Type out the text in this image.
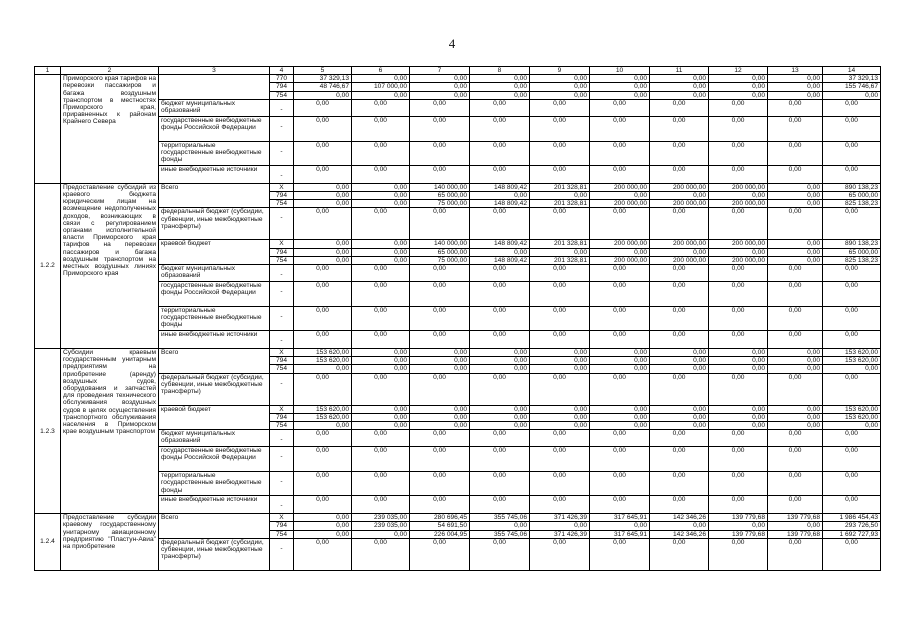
4
1	2	3	4	5	6	7	8	9	10	11	12	13	14
	Приморского края тарифов на перевозки пассажиров и багажа воздушным транспортом в местностях Приморского края, приравненных к районам Крайнего Севера		770	37 329,13	0,00	0,00	0,00	0,00	0,00	0,00	0,00	0,00	37 329,13
			794	48 746,67	107 000,00	0,00	0,00	0,00	0,00	0,00	0,00	0,00	155 746,67
			754	0,00	0,00	0,00	0,00	0,00	0,00	0,00	0,00	0,00	0,00
		бюджет муниципальных образований	-	0,00	0,00	0,00	0,00	0,00	0,00	0,00	0,00	0,00	0,00
		государственные внебюджетные фонды Российской Федерации	-	0,00	0,00	0,00	0,00	0,00	0,00	0,00	0,00	0,00	0,00
		территориальные государственные внебюджетные фонды	-	0,00	0,00	0,00	0,00	0,00	0,00	0,00	0,00	0,00	0,00
		иные внебюджетные источники	-	0,00	0,00	0,00	0,00	0,00	0,00	0,00	0,00	0,00	0,00
1.2.2	Предоставление субсидий из краевого бюджета юридическим лицам на возмещение недополученных доходов, возникающих в связи с регулированием органами исполнительной власти Приморского края тарифов на перевозки пассажиров и багажа воздушным транспортом на местных воздушных линиях Приморского края	Всего	X	0,00	0,00	140 000,00	148 809,42	201 328,81	200 000,00	200 000,00	200 000,00	0,00	890 138,23
			794	0,00	0,00	65 000,00	0,00	0,00	0,00	0,00	0,00	0,00	65 000,00
			754	0,00	0,00	75 000,00	148 809,42	201 328,81	200 000,00	200 000,00	200 000,00	0,00	825 138,23
		федеральный бюджет (субсидии, субвенции, иные межбюджетные трансферты)	-	0,00	0,00	0,00	0,00	0,00	0,00	0,00	0,00	0,00	0,00
		краевой бюджет	X	0,00	0,00	140 000,00	148 809,42	201 328,81	200 000,00	200 000,00	200 000,00	0,00	890 138,23
			794	0,00	0,00	65 000,00	0,00	0,00	0,00	0,00	0,00	0,00	65 000,00
			754	0,00	0,00	75 000,00	148 809,42	201 328,81	200 000,00	200 000,00	200 000,00	0,00	825 138,23
		бюджет муниципальных образований	-	0,00	0,00	0,00	0,00	0,00	0,00	0,00	0,00	0,00	0,00
		государственные внебюджетные фонды Российской Федерации	-	0,00	0,00	0,00	0,00	0,00	0,00	0,00	0,00	0,00	0,00
		территориальные государственные внебюджетные фонды	-	0,00	0,00	0,00	0,00	0,00	0,00	0,00	0,00	0,00	0,00
		иные внебюджетные источники	-	0,00	0,00	0,00	0,00	0,00	0,00	0,00	0,00	0,00	0,00
1.2.3	Субсидии краевым государственным унитарным предприятиям на приобретение (аренду) воздушных судов, оборудования и запчастей для проведения технического обслуживания воздушных судов в целях осуществления транспортного обслуживания населения в Приморском крае воздушным транспортом	Всего	X	153 620,00	0,00	0,00	0,00	0,00	0,00	0,00	0,00	0,00	153 620,00
			794	153 620,00	0,00	0,00	0,00	0,00	0,00	0,00	0,00	0,00	153 620,00
			754	0,00	0,00	0,00	0,00	0,00	0,00	0,00	0,00	0,00	0,00
		федеральный бюджет (субсидии, субвенции, иные межбюджетные трансферты)	-	0,00	0,00	0,00	0,00	0,00	0,00	0,00	0,00	0,00	0,00
		краевой бюджет	X	153 620,00	0,00	0,00	0,00	0,00	0,00	0,00	0,00	0,00	153 620,00
			794	153 620,00	0,00	0,00	0,00	0,00	0,00	0,00	0,00	0,00	153 620,00
			754	0,00	0,00	0,00	0,00	0,00	0,00	0,00	0,00	0,00	0,00
		бюджет муниципальных образований	-	0,00	0,00	0,00	0,00	0,00	0,00	0,00	0,00	0,00	0,00
		государственные внебюджетные фонды Российской Федерации	-	0,00	0,00	0,00	0,00	0,00	0,00	0,00	0,00	0,00	0,00
		территориальные государственные внебюджетные фонды	-	0,00	0,00	0,00	0,00	0,00	0,00	0,00	0,00	0,00	0,00
		иные внебюджетные источники	-	0,00	0,00	0,00	0,00	0,00	0,00	0,00	0,00	0,00	0,00
1.2.4	Предоставление субсидии краевому государственному унитарному авиационному предприятию "Пластун-Авиа" на приобретение	Всего	X	0,00	239 035,00	280 696,45	355 745,06	371 426,39	317 645,91	142 346,26	139 779,68	139 779,68	1 986 454,43
			794	0,00	239 035,00	54 691,50	0,00	0,00	0,00	0,00	0,00	0,00	293 726,50
			754	0,00	0,00	226 004,95	355 745,06	371 426,39	317 645,91	142 346,26	139 779,68	139 779,68	1 692 727,93
		федеральный бюджет (субсидии, субвенции, иные межбюджетные трансферты)	-	0,00	0,00	0,00	0,00	0,00	0,00	0,00	0,00	0,00	0,00
